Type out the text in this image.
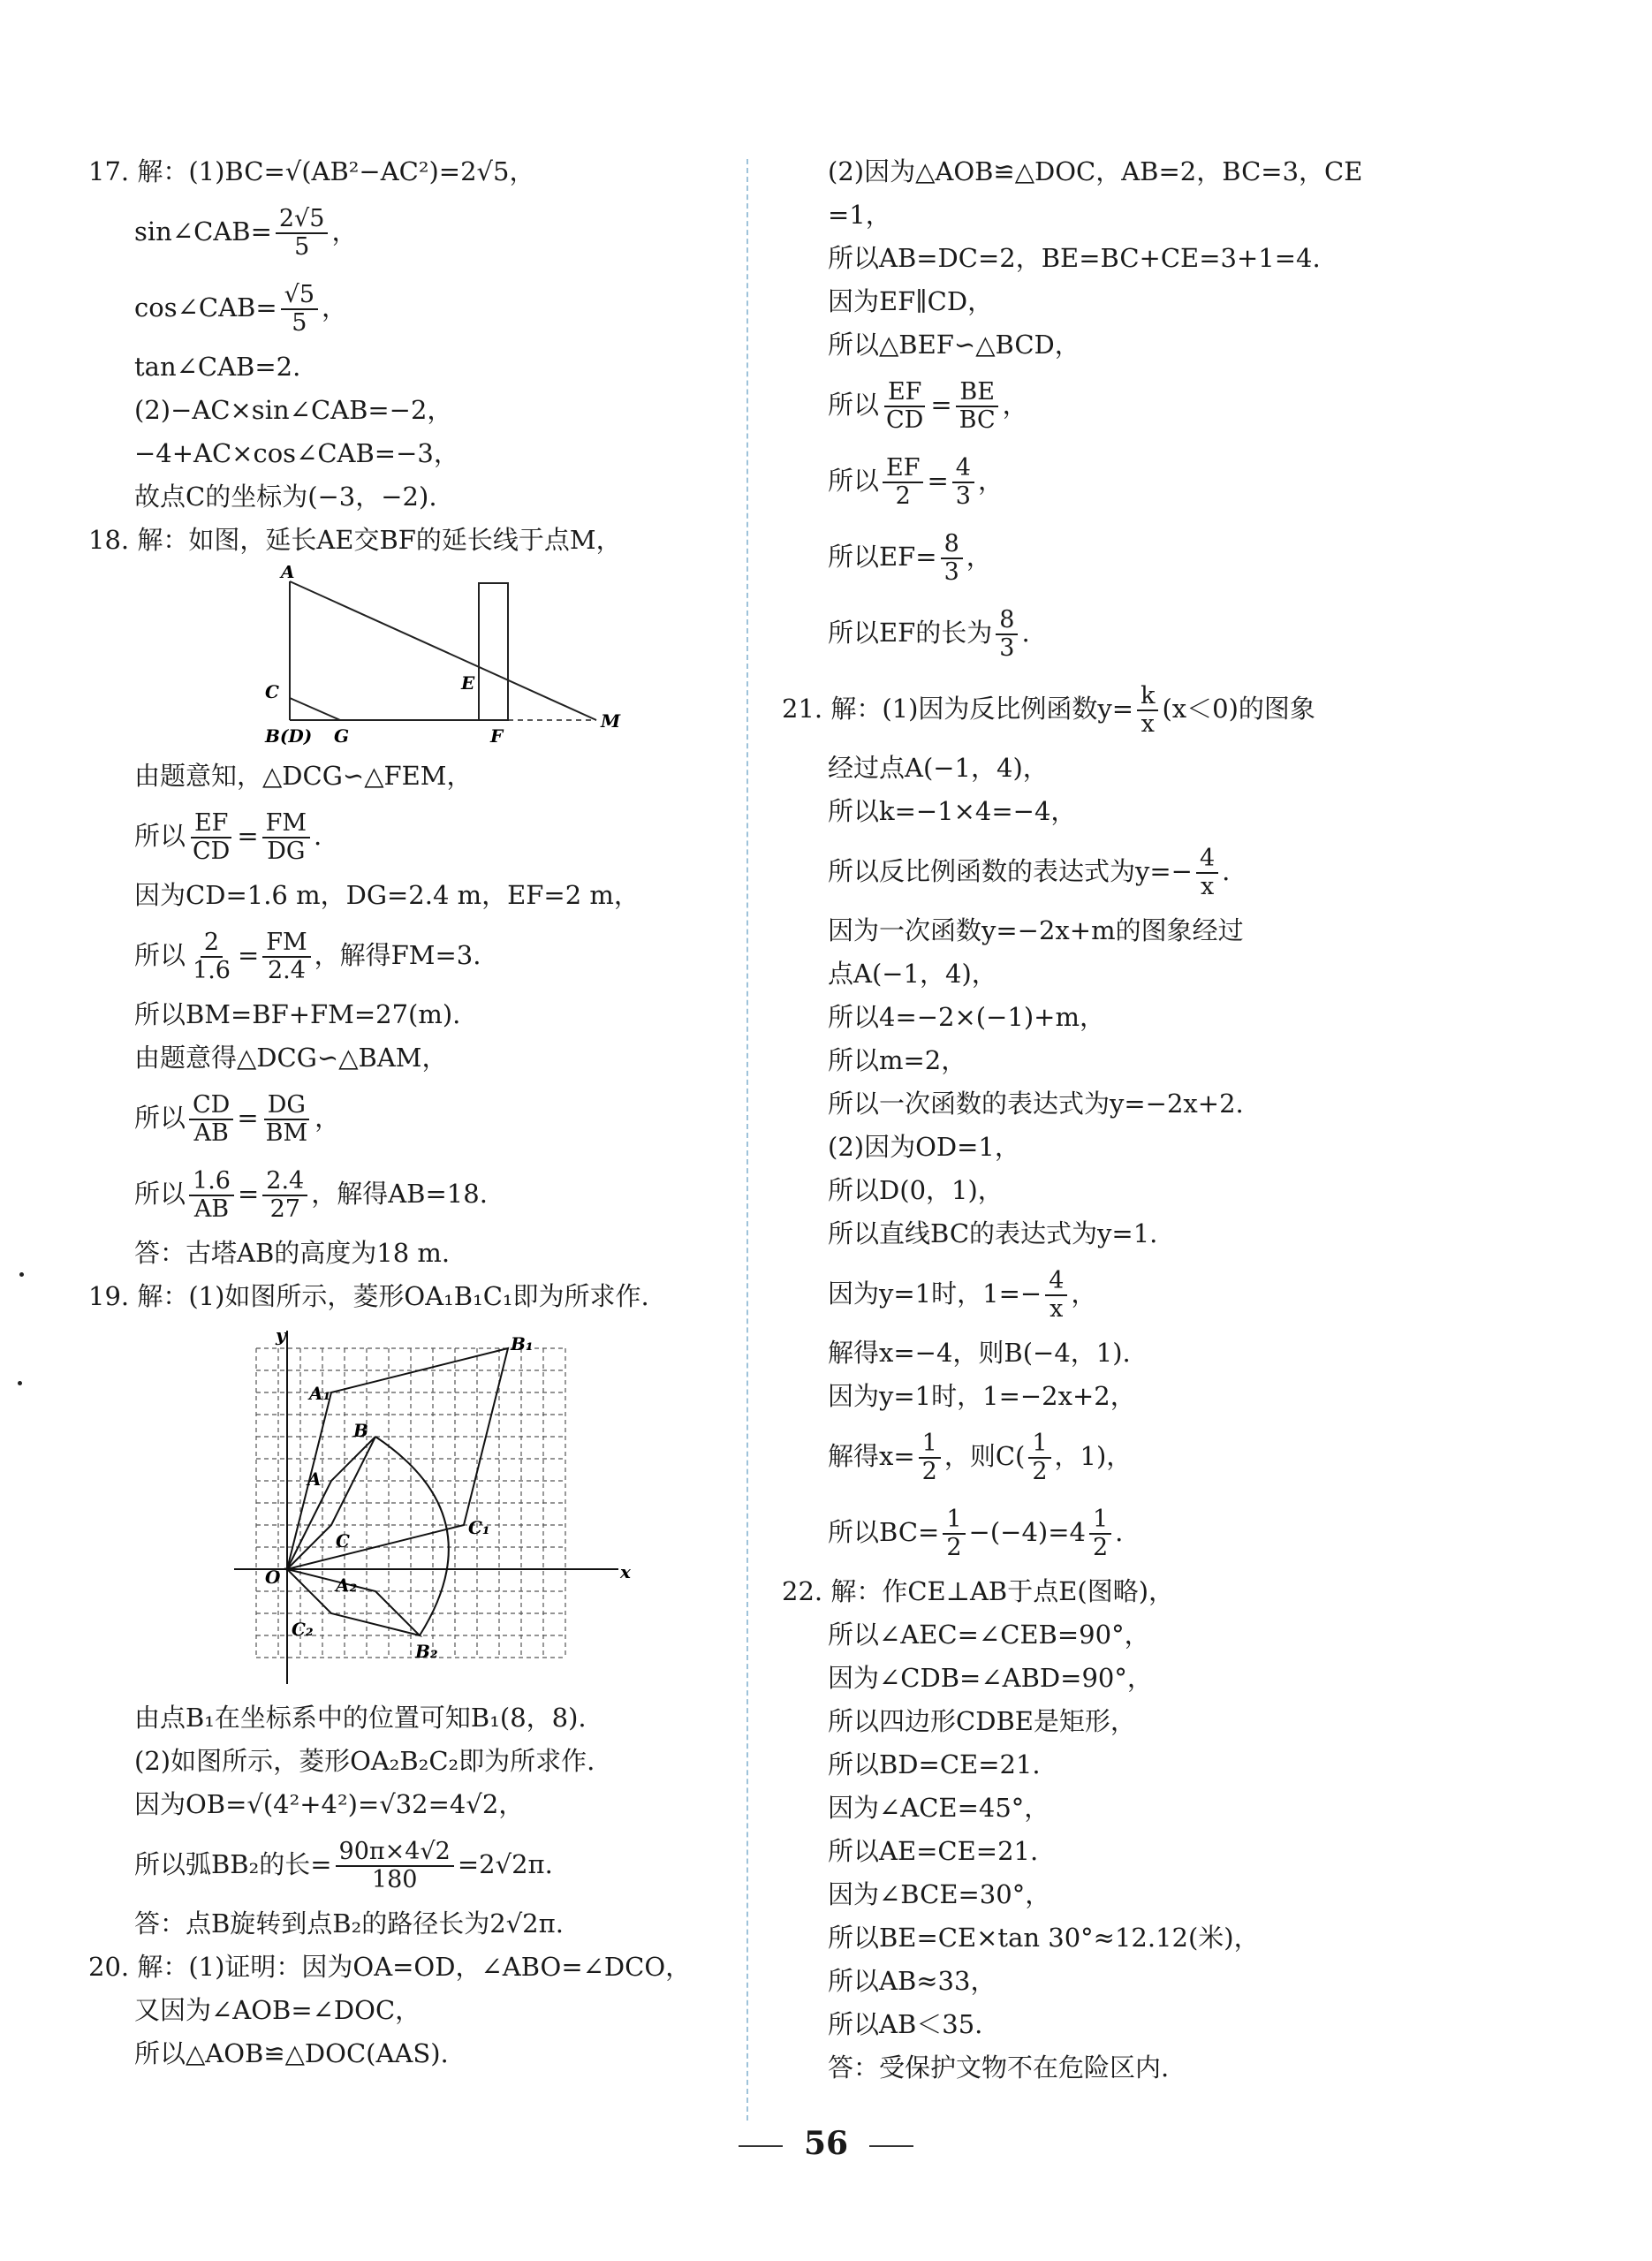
17. 解：(1)BC=√(AB²−AC²)=2√5，
sin∠CAB= $\frac{2√5}{5}$ ，
cos∠CAB= $\frac{√5}{5}$ ，
tan∠CAB=2.
(2)−AC×sin∠CAB=−2，
−4+AC×cos∠CAB=−3，
故点C的坐标为(−3，−2).
18. 解：如图，延长AE交BF的延长线于点M，
A
C
B(D) G
E
F
M
由题意知，△DCG∽△FEM，
所以 $\frac{EF}{CD} = \frac{FM}{DG}$ .
因为CD=1.6 m，DG=2.4 m，EF=2 m，
所以 $\frac{2}{1.6} = \frac{FM}{2.4}$ ，解得FM=3.
所以BM=BF+FM=27(m).
由题意得△DCG∽△BAM，
所以 $\frac{CD}{AB} = \frac{DG}{BM}$ ，
所以 $\frac{1.6}{AB} = \frac{2.4}{27}$ ，解得AB=18.
答：古塔AB的高度为18 m.
19. 解：(1)如图所示，菱形OA₁B₁C₁即为所求作.
y
x
O
A
B
C
A₁
B₁
C₁
A₂
B₂
C₂
由点B₁在坐标系中的位置可知B₁(8，8).
(2)如图所示，菱形OA₂B₂C₂即为所求作.
因为OB=√(4²+4²)=√32=4√2，
所以弧BB₂的长= $\frac{90\pi\times 4√2}{180} =2√2\pi$.
答：点B旋转到点B₂的路径长为2√2π.
20. 解：(1)证明：因为OA=OD，∠ABO=∠DCO，
又因为∠AOB=∠DOC，
所以△AOB≌△DOC(AAS).
(2)因为△AOB≌△DOC，AB=2，BC=3，CE
=1，
所以AB=DC=2，BE=BC+CE=3+1=4.
因为EF∥CD，
所以△BEF∽△BCD，
所以 $\frac{EF}{CD} = \frac{BE}{BC}$ ，
所以 $\frac{EF}{2} = \frac{4}{3}$ ，
所以$EF= \frac{8}{3}$ ，
所以EF的长为 $\frac{8}{3}$ .
21. 解：(1)因为反比例函数$y= \frac{k}{x} (x<0)$的图象
经过点A(−1，4)，
所以k=−1×4=−4，
所以反比例函数的表达式为$y=- \frac{4}{x}$ .
因为一次函数y=−2x+m的图象经过
点A(−1，4)，
所以4=−2×(−1)+m，
所以m=2，
所以一次函数的表达式为y=−2x+2.
(2)因为OD=1，
所以D(0，1)，
所以直线BC的表达式为y=1.
因为y=1时，$1=- \frac{4}{x}$ ，
解得x=−4，则B(−4，1).
因为y=1时，1=−2x+2，
解得$x= \frac{1}{2}$ ，则$C( \frac{1}{2}$ ，1)，
所以$BC= \frac{1}{2} -(-4)=4 \frac{1}{2}$ .
22. 解：作CE⊥AB于点E(图略)，
所以∠AEC=∠CEB=90°，
因为∠CDB=∠ABD=90°，
所以四边形CDBE是矩形，
所以BD=CE=21.
因为∠ACE=45°，
所以AE=CE=21.
因为∠BCE=30°，
所以BE=CE×tan 30°≈12.12(米)，
所以AB≈33，
所以AB＜35.
答：受保护文物不在危险区内.
56
